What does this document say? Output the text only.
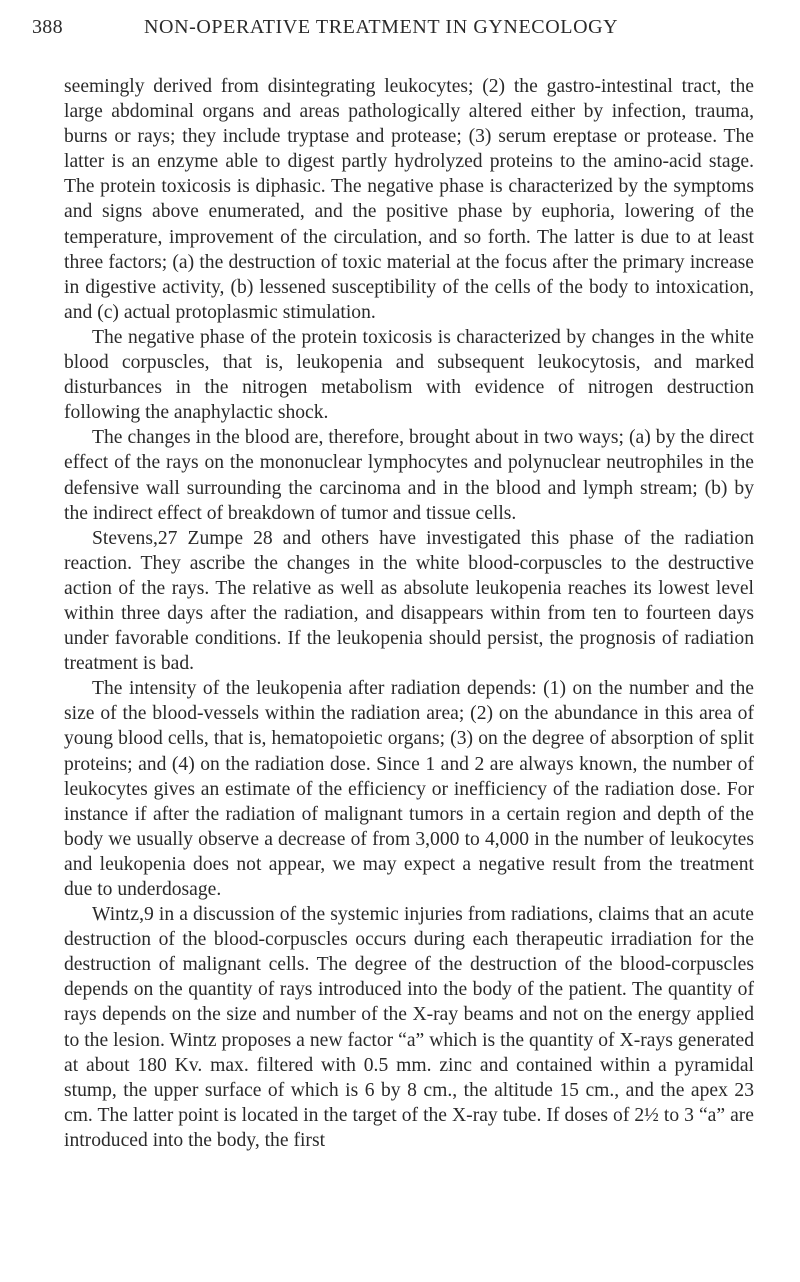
388	NON-OPERATIVE TREATMENT IN GYNECOLOGY

seemingly derived from disintegrating leukocytes; (2) the gastro-intestinal tract, the large abdominal organs and areas pathologically altered either by infection, trauma, burns or rays; they include tryptase and protease; (3) serum ereptase or protease. The latter is an enzyme able to digest partly hydrolyzed proteins to the amino-acid stage. The protein toxicosis is diphasic. The negative phase is characterized by the symptoms and signs above enumerated, and the positive phase by euphoria, lowering of the temperature, improvement of the circulation, and so forth. The latter is due to at least three factors; (a) the destruction of toxic material at the focus after the primary increase in digestive activity, (b) lessened susceptibility of the cells of the body to intoxication, and (c) actual protoplasmic stimulation.

The negative phase of the protein toxicosis is characterized by changes in the white blood corpuscles, that is, leukopenia and subsequent leukocytosis, and marked disturbances in the nitrogen metabolism with evidence of nitrogen destruction following the anaphylactic shock.

The changes in the blood are, therefore, brought about in two ways; (a) by the direct effect of the rays on the mononuclear lymphocytes and polynuclear neutrophiles in the defensive wall surrounding the carcinoma and in the blood and lymph stream; (b) by the indirect effect of breakdown of tumor and tissue cells.

Stevens,27 Zumpe 28 and others have investigated this phase of the radiation reaction. They ascribe the changes in the white blood-corpuscles to the destructive action of the rays. The relative as well as absolute leukopenia reaches its lowest level within three days after the radiation, and disappears within from ten to fourteen days under favorable conditions. If the leukopenia should persist, the prognosis of radiation treatment is bad.

The intensity of the leukopenia after radiation depends: (1) on the number and the size of the blood-vessels within the radiation area; (2) on the abundance in this area of young blood cells, that is, hematopoietic organs; (3) on the degree of absorption of split proteins; and (4) on the radiation dose. Since 1 and 2 are always known, the number of leukocytes gives an estimate of the efficiency or inefficiency of the radiation dose. For instance if after the radiation of malignant tumors in a certain region and depth of the body we usually observe a decrease of from 3,000 to 4,000 in the number of leukocytes and leukopenia does not appear, we may expect a negative result from the treatment due to underdosage.

Wintz,9 in a discussion of the systemic injuries from radiations, claims that an acute destruction of the blood-corpuscles occurs during each therapeutic irradiation for the destruction of malignant cells. The degree of the destruction of the blood-corpuscles depends on the quantity of rays introduced into the body of the patient. The quantity of rays depends on the size and number of the X-ray beams and not on the energy applied to the lesion. Wintz proposes a new factor “a” which is the quantity of X-rays generated at about 180 Kv. max. filtered with 0.5 mm. zinc and contained within a pyramidal stump, the upper surface of which is 6 by 8 cm., the altitude 15 cm., and the apex 23 cm. The latter point is located in the target of the X-ray tube. If doses of 2½ to 3 “a” are introduced into the body, the first
